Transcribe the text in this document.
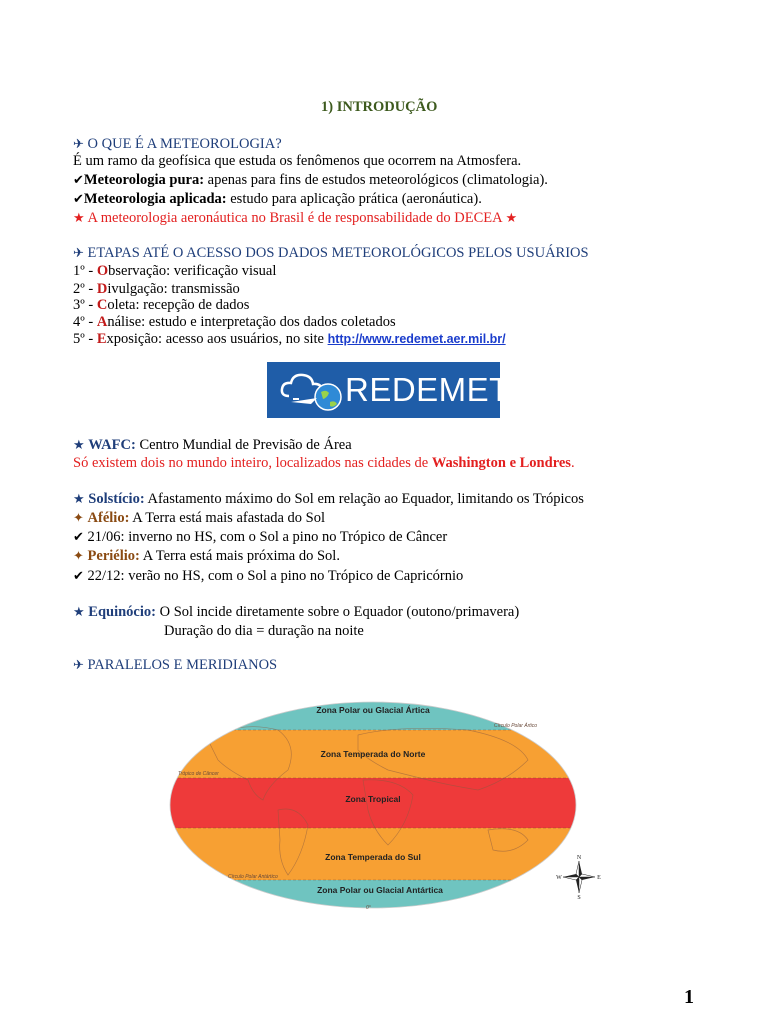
1) INTRODUÇÃO
✈ O QUE É A METEOROLOGIA?
É um ramo da geofísica que estuda os fenômenos que ocorrem na Atmosfera.
✔Meteorologia pura: apenas para fins de estudos meteorológicos (climatologia).
✔Meteorologia aplicada: estudo para aplicação prática (aeronáutica).
★ A meteorologia aeronáutica no Brasil é de responsabilidade do DECEA ★
✈ ETAPAS ATÉ O ACESSO DOS DADOS METEOROLÓGICOS PELOS USUÁRIOS
1º - Observação: verificação visual
2º - Divulgação: transmissão
3º - Coleta: recepção de dados
4º - Análise: estudo e interpretação dos dados coletados
5º - Exposição: acesso aos usuários, no site http://www.redemet.aer.mil.br/
REDEMET
★ WAFC: Centro Mundial de Previsão de Área
Só existem dois no mundo inteiro, localizados nas cidades de Washington e Londres.
★ Solstício: Afastamento máximo do Sol em relação ao Equador, limitando os Trópicos
✦ Afélio: A Terra está mais afastada do Sol
✔ 21/06: inverno no HS, com o Sol a pino no Trópico de Câncer
✦ Periélio: A Terra está mais próxima do Sol.
✔ 22/12: verão no HS, com o Sol a pino no Trópico de Capricórnio
★ Equinócio: O Sol incide diretamente sobre o Equador (outono/primavera)
Duração do dia = duração na noite
✈ PARALELOS E MERIDIANOS
Zona Polar ou Glacial Ártica
Zona Temperada do Norte
Zona Tropical
Zona Temperada do Sul
Zona Polar ou Glacial Antártica
Círculo Polar Ártico
Trópico de Câncer
Círculo Polar Antártico
0°
N
S
E
W
1
